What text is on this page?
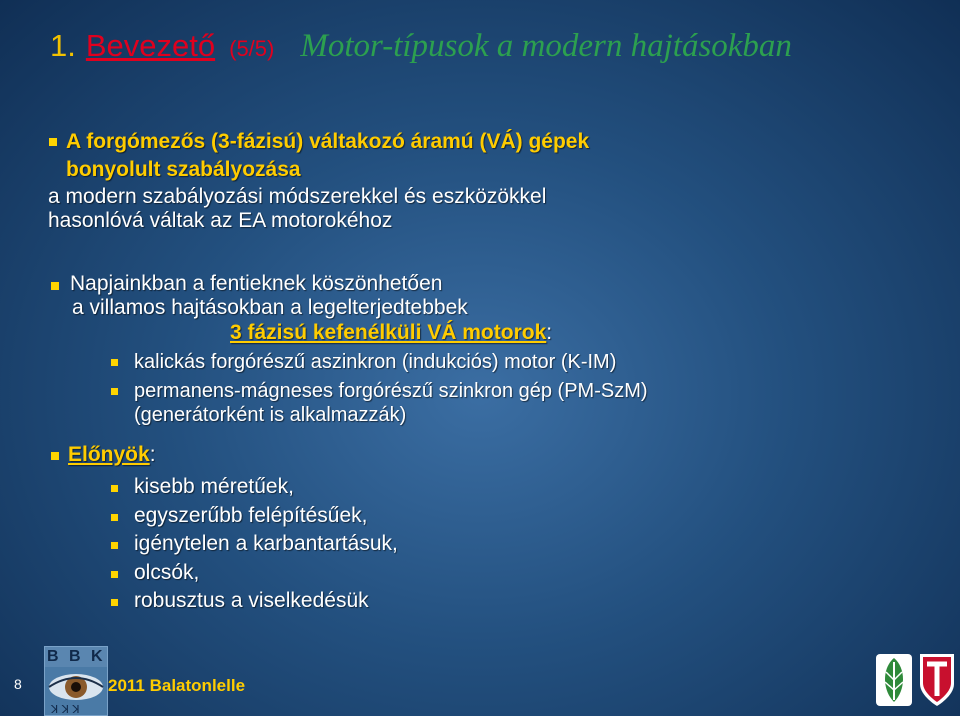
1. Bevezető (5/5) Motor-típusok a modern hajtásokban
A forgómezős (3-fázisú) váltakozó áramú (VÁ) gépek
bonyolult szabályozása
a modern szabályozási módszerekkel és eszközökkel
hasonlóvá váltak az EA motorokéhoz
Napjainkban a fentieknek köszönhetően
a villamos hajtásokban a legelterjedtebbek
3 fázisú kefenélküli VÁ motorok:
kalickás forgórészű aszinkron (indukciós) motor (K-IM)
permanens-mágneses forgórészű szinkron gép (PM-SzM)
(generátorként is alkalmazzák)
Előnyök:
kisebb méretűek,
egyszerűbb felépítésűek,
igénytelen a karbantartásuk,
olcsók,
robusztus a viselkedésük
8
B B K
ꓘ ꓘ ꓘ
2011 Balatonlelle
